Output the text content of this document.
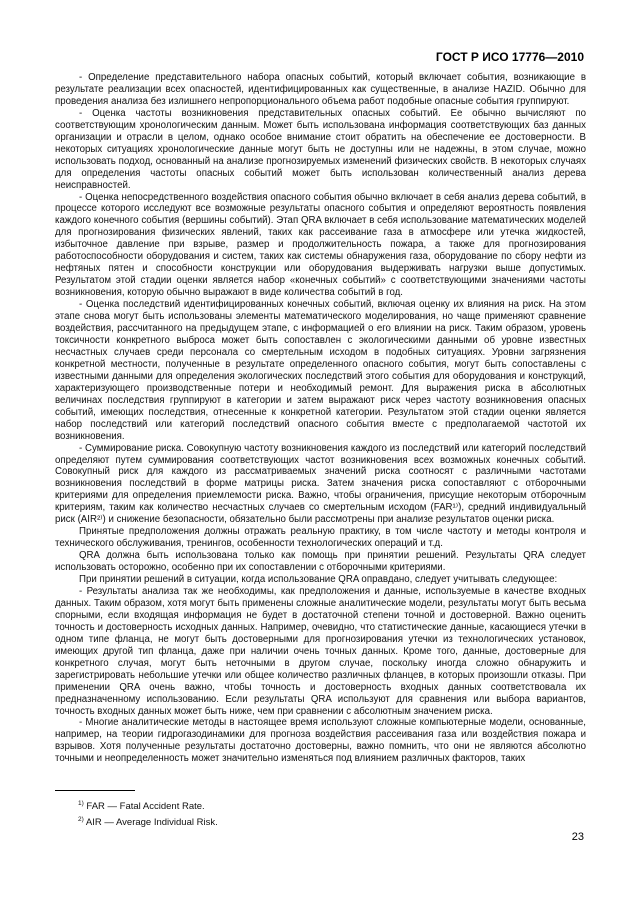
ГОСТ Р ИСО 17776—2010

- Определение представительного набора опасных событий, который включает события, возникающие в результате реализации всех опасностей, идентифицированных как существенные, в анализе HAZID. Обычно для проведения анализа без излишнего непропорционального объема работ подобные опасные события группируют.

- Оценка частоты возникновения представительных опасных событий. Ее обычно вычисляют по соответствующим хронологическим данным. Может быть использована информация соответствующих баз данных организации и отрасли в целом, однако особое внимание стоит обратить на обеспечение ее достоверности. В некоторых ситуациях хронологические данные могут быть не доступны или не надежны, в этом случае, можно использовать подход, основанный на анализе прогнозируемых изменений физических свойств. В некоторых случаях для определения частоты опасных событий может быть использован количественный анализ дерева неисправностей.

- Оценка непосредственного воздействия опасного события обычно включает в себя анализ дерева событий, в процессе которого исследуют все возможные результаты опасного события и определяют вероятность появления каждого конечного события (вершины событий). Этап QRA включает в себя использование математических моделей для прогнозирования физических явлений, таких как рассеивание газа в атмосфере или утечка жидкостей, избыточное давление при взрыве, размер и продолжительность пожара, а также для прогнозирования работоспособности оборудования и систем, таких как системы обнаружения газа, оборудование по сбору нефти из нефтяных пятен и способности конструкции или оборудования выдерживать нагрузки выше допустимых. Результатом этой стадии оценки является набор «конечных событий» с соответствующими значениями частоты возникновения, которую обычно выражают в виде количества событий в год.

- Оценка последствий идентифицированных конечных событий, включая оценку их влияния на риск. На этом этапе снова могут быть использованы элементы математического моделирования, но чаще применяют сравнение воздействия, рассчитанного на предыдущем этапе, с информацией о его влиянии на риск. Таким образом, уровень токсичности конкретного выброса может быть сопоставлен с экологическими данными об уровне известных несчастных случаев среди персонала со смертельным исходом в подобных ситуациях. Уровни загрязнения конкретной местности, полученные в результате определенного опасного события, могут быть сопоставлены с известными данными для определения экологических последствий этого события для оборудования и конструкций, характеризующего производственные потери и необходимый ремонт. Для выражения риска в абсолютных величинах последствия группируют в категории и затем выражают риск через частоту возникновения опасных событий, имеющих последствия, отнесенные к конкретной категории. Результатом этой стадии оценки является набор последствий или категорий последствий опасного события вместе с предполагаемой частотой их возникновения.

- Суммирование риска. Совокупную частоту возникновения каждого из последствий или категорий последствий определяют путем суммирования соответствующих частот возникновения всех возможных конечных событий. Совокупный риск для каждого из рассматриваемых значений риска соотносят с различными частотами возникновения последствий в форме матрицы риска. Затем значения риска сопоставляют с отборочными критериями для определения приемлемости риска. Важно, чтобы ограничения, присущие некоторым отборочным критериям, таким как количество несчастных случаев со смертельным исходом (FAR¹⁾), средний индивидуальный риск (AIR²⁾) и снижение безопасности, обязательно были рассмотрены при анализе результатов оценки риска.

Принятые предположения должны отражать реальную практику, в том числе частоту и методы контроля и технического обслуживания, тренингов, особенности технологических операций и т.д.

QRA должна быть использована только как помощь при принятии решений. Результаты QRA следует использовать осторожно, особенно при их сопоставлении с отборочными критериями.

При принятии решений в ситуации, когда использование QRA оправдано, следует учитывать следующее:

- Результаты анализа так же необходимы, как предположения и данные, используемые в качестве входных данных. Таким образом, хотя могут быть применены сложные аналитические модели, результаты могут быть весьма спорными, если входящая информация не будет в достаточной степени точной и достоверной. Важно оценить точность и достоверность исходных данных. Например, очевидно, что статистические данные, касающиеся утечки в одном типе фланца, не могут быть достоверными для прогнозирования утечки из технологических установок, имеющих другой тип фланца, даже при наличии очень точных данных. Кроме того, данные, достоверные для конкретного случая, могут быть неточными в другом случае, поскольку иногда сложно обнаружить и зарегистрировать небольшие утечки или общее количество различных фланцев, в которых произошли отказы. При применении QRA очень важно, чтобы точность и достоверность входных данных соответствовала их предназначенному использованию. Если результаты QRA используют для сравнения или выбора вариантов, точность входных данных может быть ниже, чем при сравнении с абсолютным значением риска.

- Многие аналитические методы в настоящее время используют сложные компьютерные модели, основанные, например, на теории гидрогазодинамики для прогноза воздействия рассеивания газа или воздействия пожара и взрывов. Хотя полученные результаты достаточно достоверны, важно помнить, что они не являются абсолютно точными и неопределенность может значительно изменяться под влиянием различных факторов, таких

$^{1)}$ FAR — Fatal Accident Rate.
$^{2)}$ AIR — Average Individual Risk.
23
